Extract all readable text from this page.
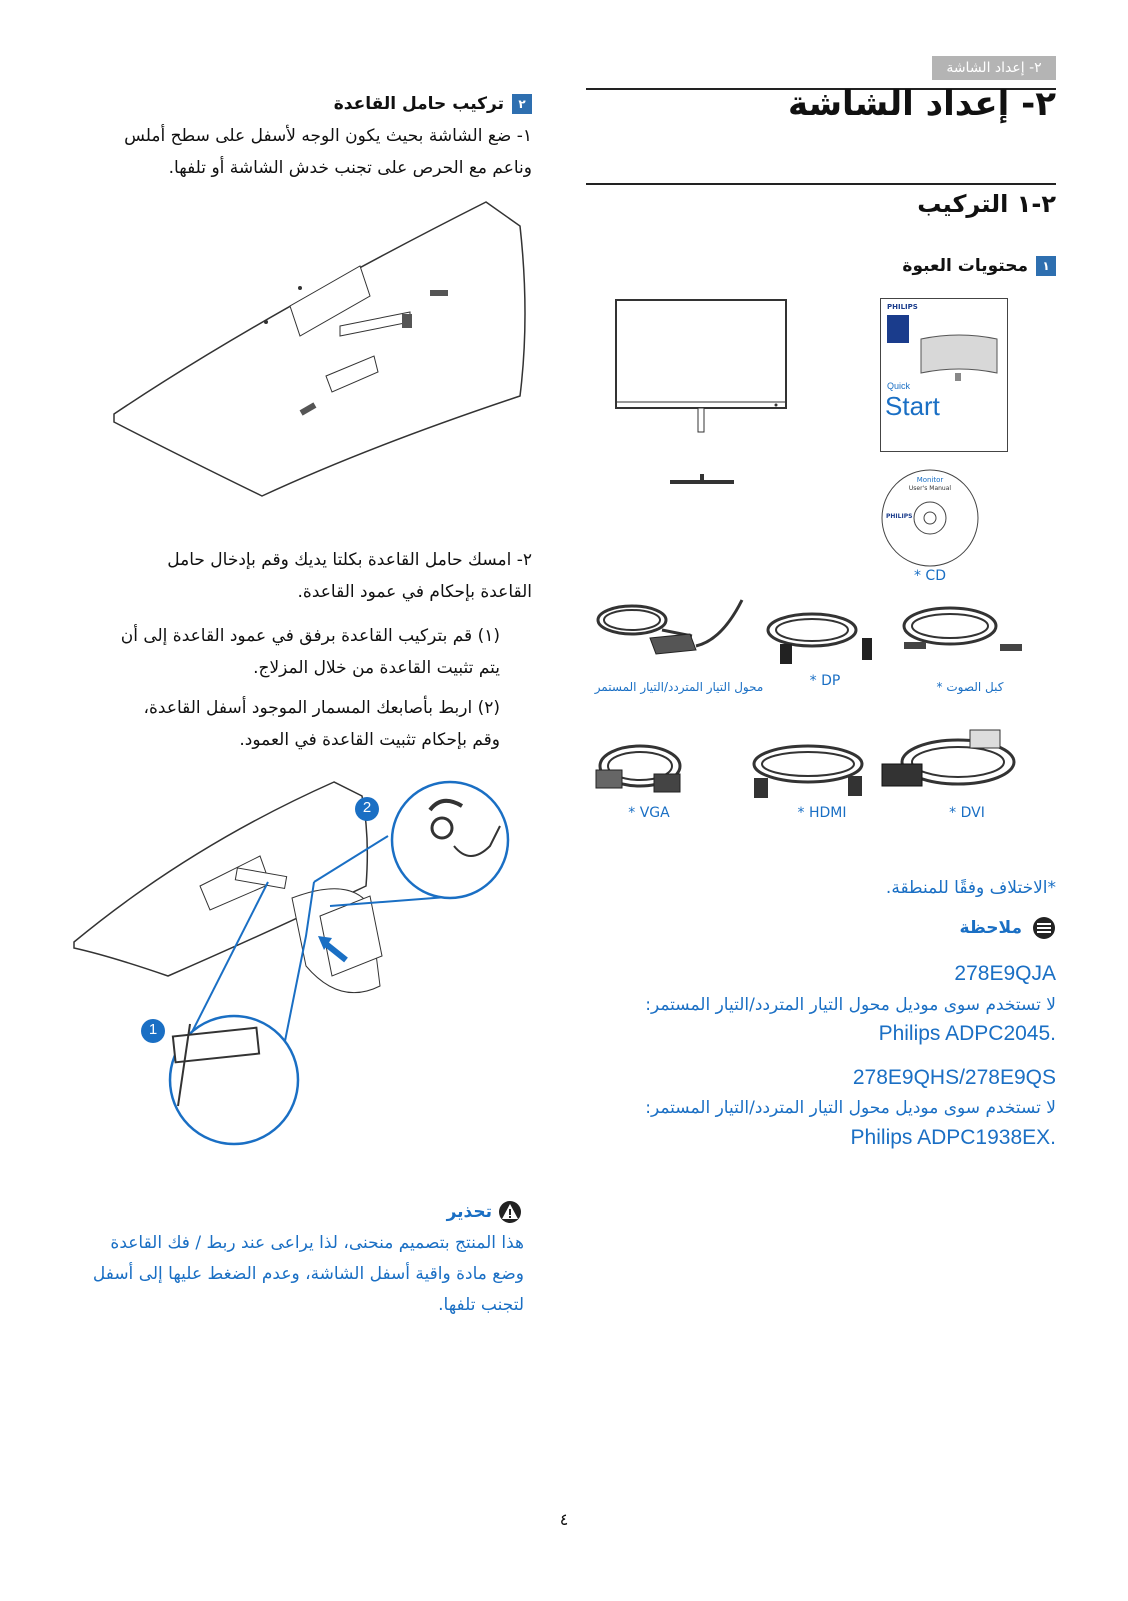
٢- إعداد الشاشة
٢- إعداد الشاشة
٢-١ التركيب
١محتويات العبوة
PHILIPS
Quick
Start
Monitor
User's Manual
PHILIPS
* CD
محول التيار المتردد/التيار المستمر	* DP	* كبل الصوت
* VGA	* HDMI	* DVI
*الاختلاف وفقًا للمنطقة.
ملاحظة
278E9QJA
لا تستخدم سوى موديل محول التيار المتردد/التيار المستمر:
Philips ADPC2045.
278E9QHS/278E9QS
لا تستخدم سوى موديل محول التيار المتردد/التيار المستمر:
Philips ADPC1938EX.
٢تركيب حامل القاعدة
١- ضع الشاشة بحيث يكون الوجه لأسفل على سطح أملس
وناعم مع الحرص على تجنب خدش الشاشة أو تلفها.
٢- امسك حامل القاعدة بكلتا يديك وقم بإدخال حامل
القاعدة بإحكام في عمود القاعدة.
(١) قم بتركيب القاعدة برفق في عمود القاعدة إلى أن
يتم تثبيت القاعدة من خلال المزلاج.
(٢) اربط بأصابعك المسمار الموجود أسفل القاعدة،
وقم بإحكام تثبيت القاعدة في العمود.
2
1
تحذير
هذا المنتج بتصميم منحنى، لذا يراعى عند ربط / فك القاعدة
وضع مادة واقية أسفل الشاشة، وعدم الضغط عليها إلى أسفل
لتجنب تلفها.
٤
